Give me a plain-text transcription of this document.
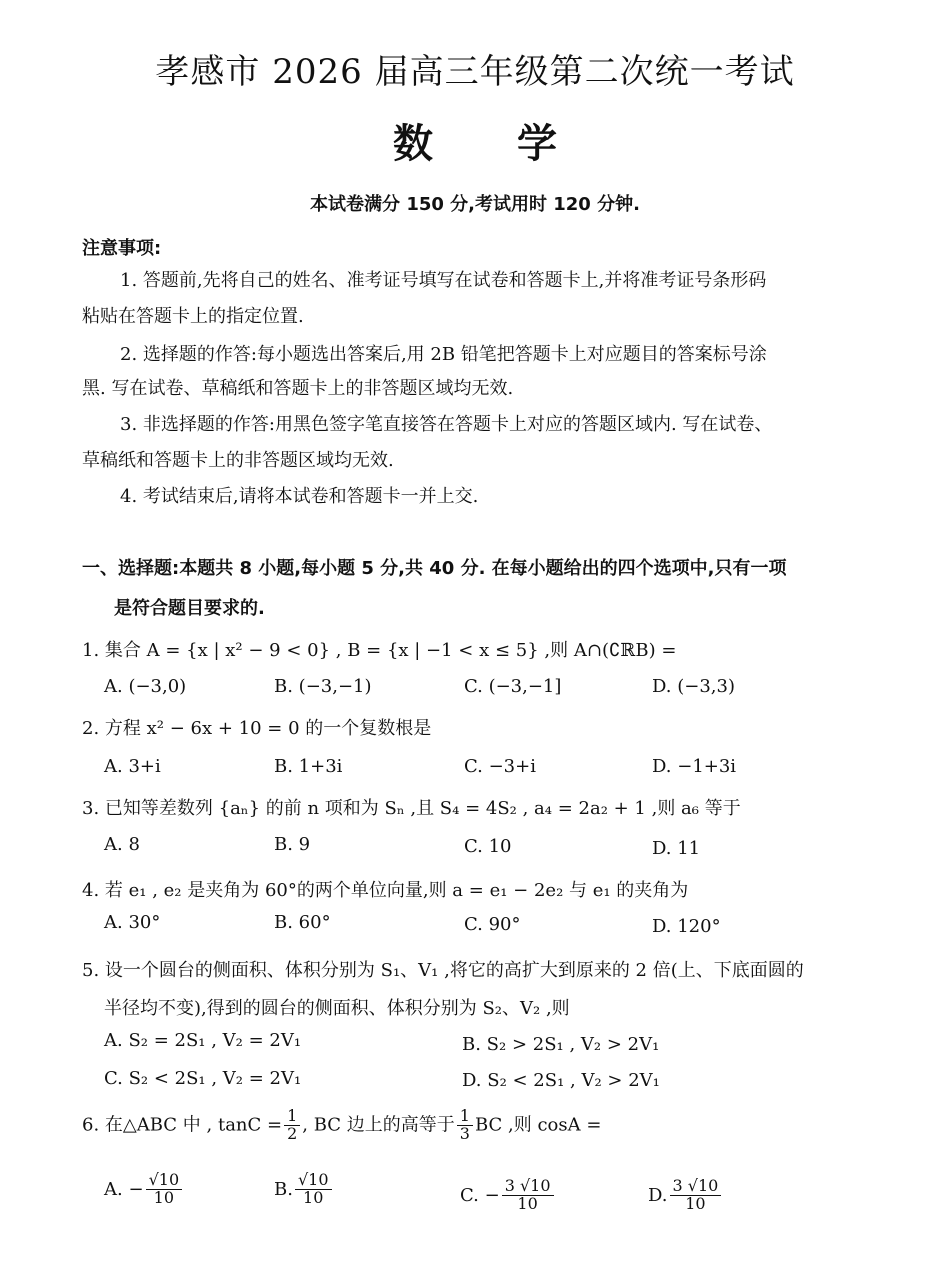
孝感市 2026 届高三年级第二次统一考试
数 学
本试卷满分 150 分,考试用时 120 分钟.
注意事项:
1. 答题前,先将自己的姓名、准考证号填写在试卷和答题卡上,并将准考证号条形码
粘贴在答题卡上的指定位置.
2. 选择题的作答:每小题选出答案后,用 2B 铅笔把答题卡上对应题目的答案标号涂
黑. 写在试卷、草稿纸和答题卡上的非答题区域均无效.
3. 非选择题的作答:用黑色签字笔直接答在答题卡上对应的答题区域内. 写在试卷、
草稿纸和答题卡上的非答题区域均无效.
4. 考试结束后,请将本试卷和答题卡一并上交.
一、选择题:本题共 8 小题,每小题 5 分,共 40 分. 在每小题给出的四个选项中,只有一项
是符合题目要求的.
1. 集合 A = {x | x² − 9 < 0} , B = {x | −1 < x ≤ 5} ,则 A∩(∁ℝB) =
A. (−3,0)	B. (−3,−1)	C. (−3,−1]	D. (−3,3)
2. 方程 x² − 6x + 10 = 0 的一个复数根是
A. 3+i	B. 1+3i	C. −3+i	D. −1+3i
3. 已知等差数列 {aₙ} 的前 n 项和为 Sₙ ,且 S₄ = 4S₂ , a₄ = 2a₂ + 1 ,则 a₆ 等于
A. 8	B. 9	C. 10	D. 11
4. 若 e₁ , e₂ 是夹角为 60°的两个单位向量,则 a = e₁ − 2e₂ 与 e₁ 的夹角为
A. 30°	B. 60°	C. 90°	D. 120°
5. 设一个圆台的侧面积、体积分别为 S₁、V₁ ,将它的高扩大到原来的 2 倍(上、下底面圆的
半径均不变),得到的圆台的侧面积、体积分别为 S₂、V₂ ,则
A. S₂ = 2S₁ , V₂ = 2V₁	B. S₂ > 2S₁ , V₂ > 2V₁
C. S₂ < 2S₁ , V₂ = 2V₁	D. S₂ < 2S₁ , V₂ > 2V₁
6. 在△ABC 中 , $\tan C = \frac{1}{2}$ , BC 边上的高等于 $\frac{1}{3}$ BC ,则 cosA =
A. − $\frac{√10}{10}$	B. $\frac{√10}{10}$	C. − $\frac{3 √10}{10}$	D. $\frac{3 √10}{10}$
